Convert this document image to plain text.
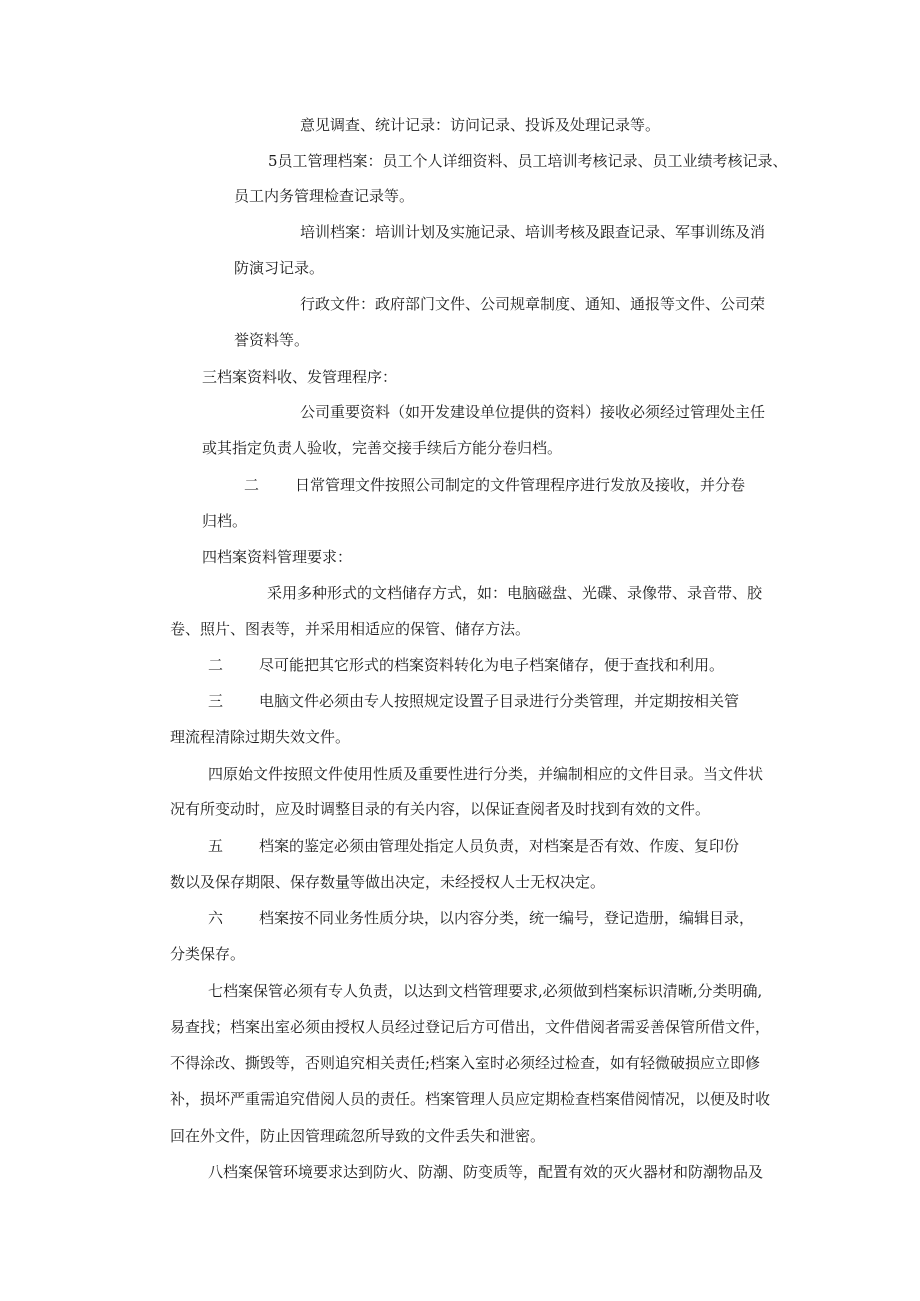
意见调查、统计记录：访问记录、投诉及处理记录等。
5员工管理档案：员工个人详细资料、员工培训考核记录、员工业绩考核记录、
员工内务管理检查记录等。
培训档案：培训计划及实施记录、培训考核及跟查记录、军事训练及消
防演习记录。
行政文件：政府部门文件、公司规章制度、通知、通报等文件、公司荣
誉资料等。
三档案资料收、发管理程序：
公司重要资料（如开发建设单位提供的资料）接收必须经过管理处主任
或其指定负责人验收，完善交接手续后方能分卷归档。
二 日常管理文件按照公司制定的文件管理程序进行发放及接收，并分卷
归档。
四档案资料管理要求：
采用多种形式的文档储存方式，如：电脑磁盘、光碟、录像带、录音带、胶
卷、照片、图表等，并采用相适应的保管、储存方法。
二 尽可能把其它形式的档案资料转化为电子档案储存，便于查找和利用。
三 电脑文件必须由专人按照规定设置子目录进行分类管理，并定期按相关管
理流程清除过期失效文件。
四原始文件按照文件使用性质及重要性进行分类，并编制相应的文件目录。当文件状
况有所变动时，应及时调整目录的有关内容，以保证查阅者及时找到有效的文件。
五 档案的鉴定必须由管理处指定人员负责，对档案是否有效、作废、复印份
数以及保存期限、保存数量等做出决定，未经授权人士无权决定。
六 档案按不同业务性质分块，以内容分类，统一编号，登记造册，编辑目录，
分类保存。
七档案保管必须有专人负责，以达到文档管理要求,必须做到档案标识清晰,分类明确,
易查找；档案出室必须由授权人员经过登记后方可借出，文件借阅者需妥善保管所借文件，
不得涂改、撕毁等，否则追究相关责任;档案入室时必须经过检查，如有轻微破损应立即修
补，损坏严重需追究借阅人员的责任。档案管理人员应定期检查档案借阅情况，以便及时收
回在外文件，防止因管理疏忽所导致的文件丢失和泄密。
八档案保管环境要求达到防火、防潮、防变质等，配置有效的灭火器材和防潮物品及
